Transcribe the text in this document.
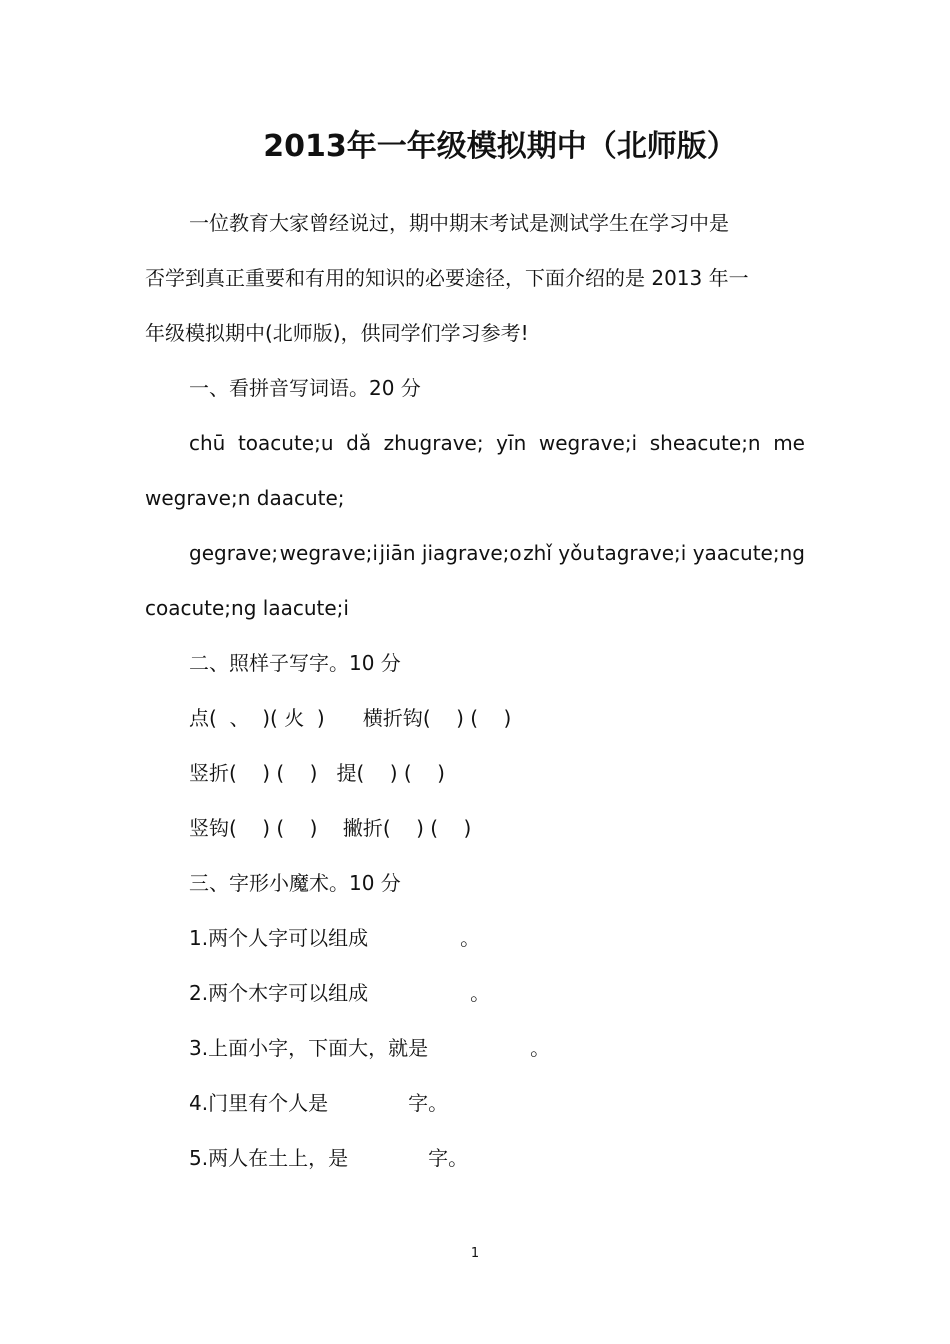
2013年一年级模拟期中（北师版）
一位教育大家曾经说过，期中期末考试是测试学生在学习中是
否学到真正重要和有用的知识的必要途径，下面介绍的是 2013 年一
年级模拟期中(北师版)，供同学们学习参考!
一、看拼音写词语。20 分
chū toacute;u dǎ zhugrave; yīn wegrave;i sheacute;n me
wegrave;n daacute;
gegrave; wegrave;i jiān jiagrave;o zhǐ yǒu tagrave;i yaacute;ng
coacute;ng laacute;i
二、照样子写字。10 分
点(  、  )( 火  )      横折钩(    ) (    )
竖折(    ) (    )   提(    ) (    )
竖钩(    ) (    )    撇折(    ) (    )
三、字形小魔术。10 分
1.两个人字可以组成	。
2.两个木字可以组成	。
3.上面小字，下面大，就是	。
4.门里有个人是	字。
5.两人在土上，是	字。
1
